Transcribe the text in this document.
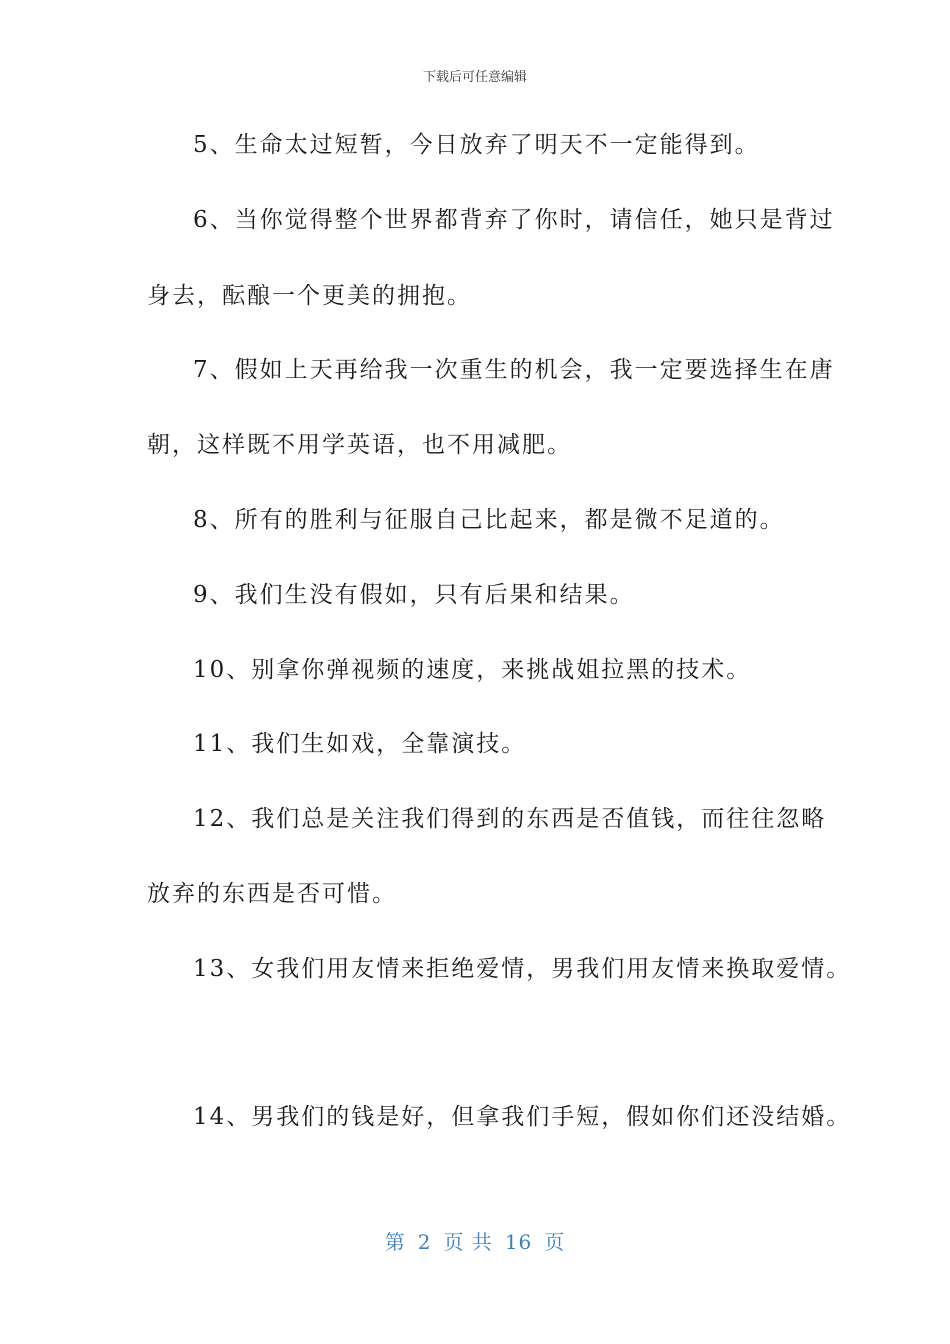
下载后可任意编辑
5、生命太过短暂，今日放弃了明天不一定能得到。
6、当你觉得整个世界都背弃了你时，请信任，她只是背过
身去，酝酿一个更美的拥抱。
7、假如上天再给我一次重生的机会，我一定要选择生在唐
朝，这样既不用学英语，也不用减肥。
8、所有的胜利与征服自己比起来，都是微不足道的。
9、我们生没有假如，只有后果和结果。
10、别拿你弹视频的速度，来挑战姐拉黑的技术。
11、我们生如戏，全靠演技。
12、我们总是关注我们得到的东西是否值钱，而往往忽略
放弃的东西是否可惜。
13、女我们用友情来拒绝爱情，男我们用友情来换取爱情。
14、男我们的钱是好，但拿我们手短，假如你们还没结婚。
第 2 页 共 16 页
